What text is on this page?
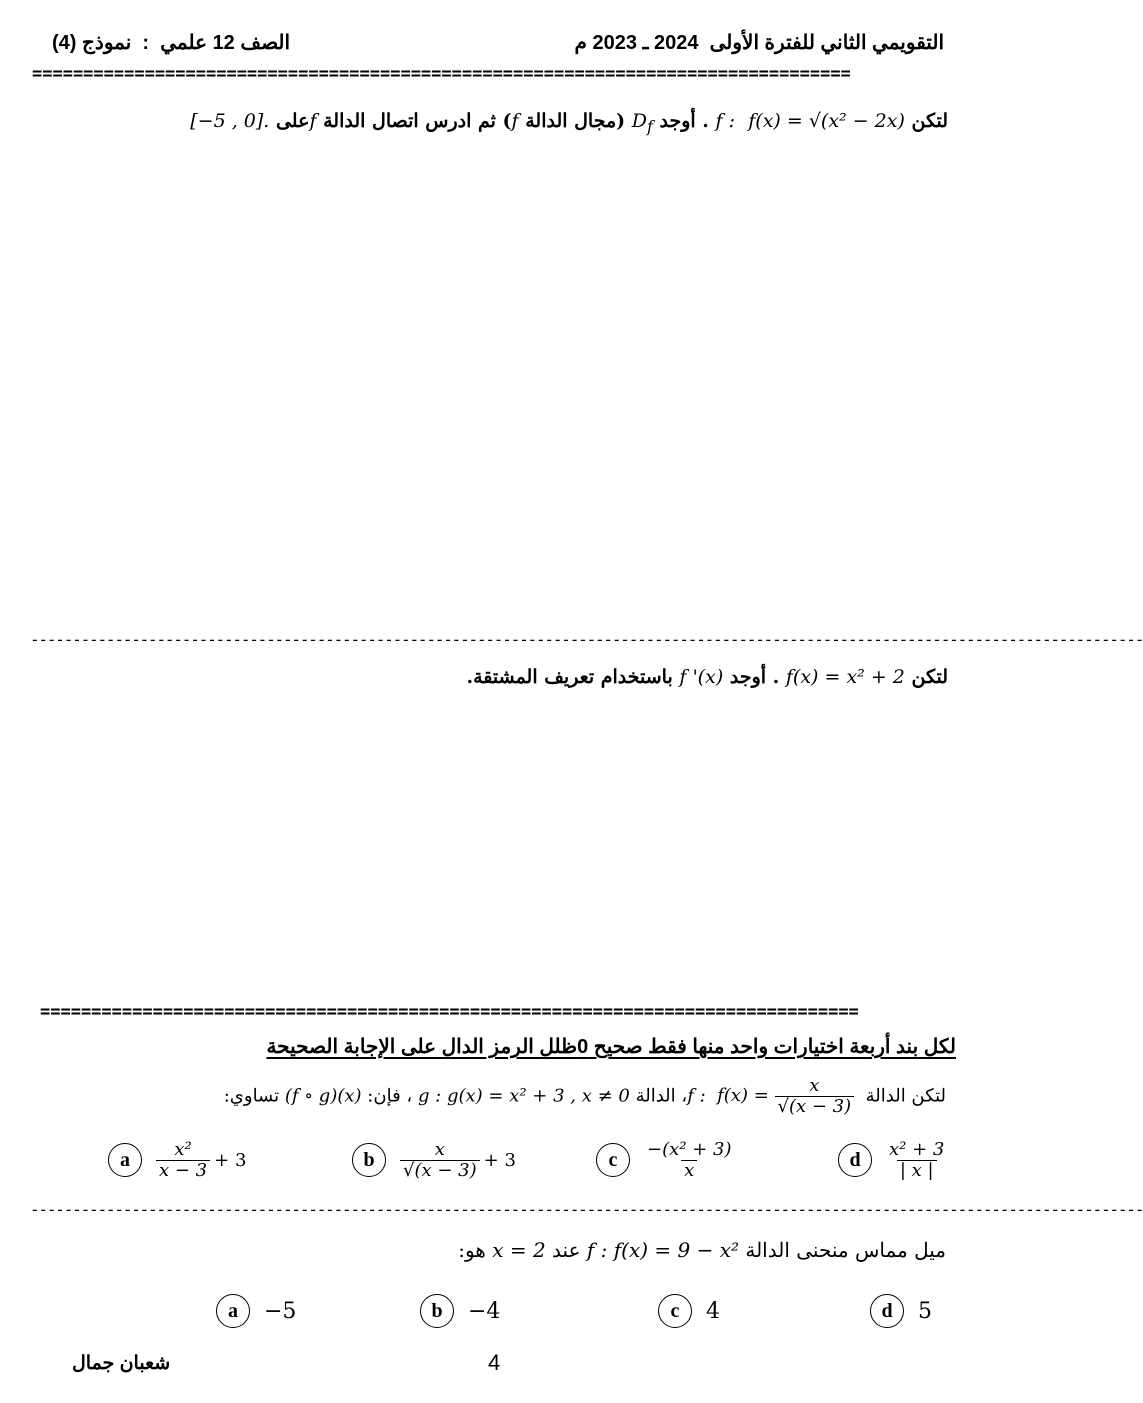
التقويمي الثاني للفترة الأولى  2024 ـ 2023 م
الصف 12 علمي  :  نموذج (4)
================================================================================
لتكن f : f(x) = √(x² − 2x) . أوجد $D_f$ (مجال الدالة f) ثم ادرس اتصال الدالة fعلى [−5 , 0].
------------------------------------------------------------------------------------------------------------------------------------
لتكن f(x) = x² + 2 . أوجد f '(x) باستخدام تعريف المشتقة.
================================================================================
لكل بند أربعة اختيارات واحد منها فقط صحيح 0ظلل الرمز الدال على الإجابة الصحيحة
لتكن الدالة f : $f(x) = \frac{x}{√(x - 3)}$
، الدالة g : g(x) = x² + 3 , x ≠ 0 ، فإن: (f ∘ g)(x) تساوي:
a	$\frac{\text{x²}}{x - 3} + 3$	b	$\frac{x}{√(x - 3)} + 3$	c	$\frac{\text{−(x² + 3)}}{x}$	d	$\frac{\text{x² + 3}}{| x |}$
------------------------------------------------------------------------------------------------------------------------------------
ميل مماس منحنى الدالة f : f(x) = 9 − x² عند x = 2 هو:
a	−5	b	−4	c	4	d	5
شعبان جمال	4
